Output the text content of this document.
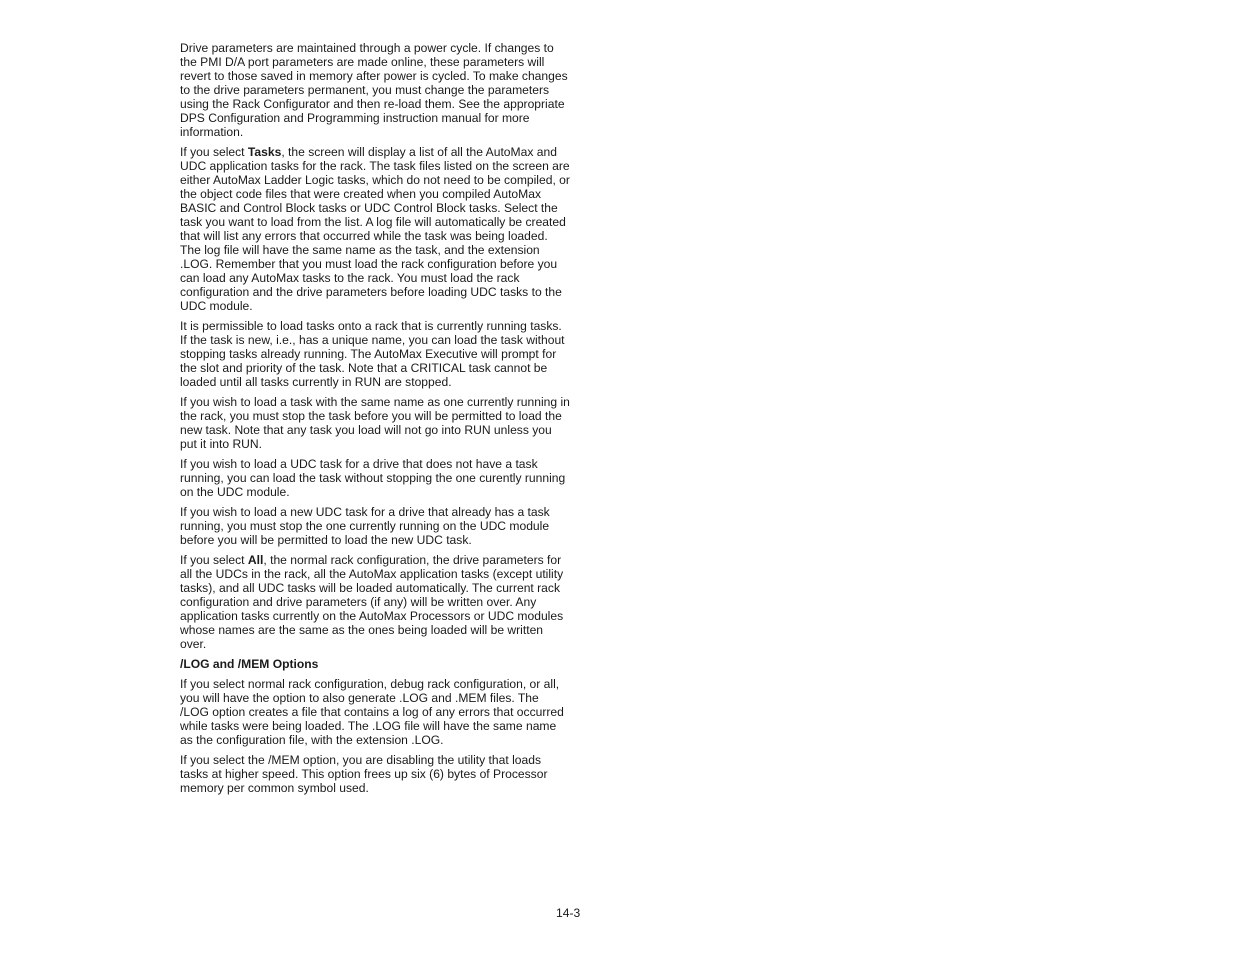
Drive parameters are maintained through a power cycle. If changes to the PMI D/A port parameters are made online, these parameters will revert to those saved in memory after power is cycled. To make changes to the drive parameters permanent, you must change the parameters using the Rack Configurator and then re-load them. See the appropriate DPS Configuration and Programming instruction manual for more information.

If you select Tasks, the screen will display a list of all the AutoMax and UDC application tasks for the rack. The task files listed on the screen are either AutoMax Ladder Logic tasks, which do not need to be compiled, or the object code files that were created when you compiled AutoMax BASIC and Control Block tasks or UDC Control Block tasks. Select the task you want to load from the list. A log file will automatically be created that will list any errors that occurred while the task was being loaded. The log file will have the same name as the task, and the extension .LOG. Remember that you must load the rack configuration before you can load any AutoMax tasks to the rack. You must load the rack configuration and the drive parameters before loading UDC tasks to the UDC module.

It is permissible to load tasks onto a rack that is currently running tasks. If the task is new, i.e., has a unique name, you can load the task without stopping tasks already running. The AutoMax Executive will prompt for the slot and priority of the task. Note that a CRITICAL task cannot be loaded until all tasks currently in RUN are stopped.

If you wish to load a task with the same name as one currently running in the rack, you must stop the task before you will be permitted to load the new task. Note that any task you load will not go into RUN unless you put it into RUN.

If you wish to load a UDC task for a drive that does not have a task running, you can load the task without stopping the one curently running on the UDC module.

If you wish to load a new UDC task for a drive that already has a task running, you must stop the one currently running on the UDC module before you will be permitted to load the new UDC task.

If you select All, the normal rack configuration, the drive parameters for all the UDCs in the rack, all the AutoMax application tasks (except utility tasks), and all UDC tasks will be loaded automatically. The current rack configuration and drive parameters (if any) will be written over. Any application tasks currently on the AutoMax Processors or UDC modules whose names are the same as the ones being loaded will be written over.

/LOG and /MEM Options

If you select normal rack configuration, debug rack configuration, or all, you will have the option to also generate .LOG and .MEM files. The /LOG option creates a file that contains a log of any errors that occurred while tasks were being loaded. The .LOG file will have the same name as the configuration file, with the extension .LOG.

If you select the /MEM option, you are disabling the utility that loads tasks at higher speed. This option frees up six (6) bytes of Processor memory per common symbol used.

14-3
